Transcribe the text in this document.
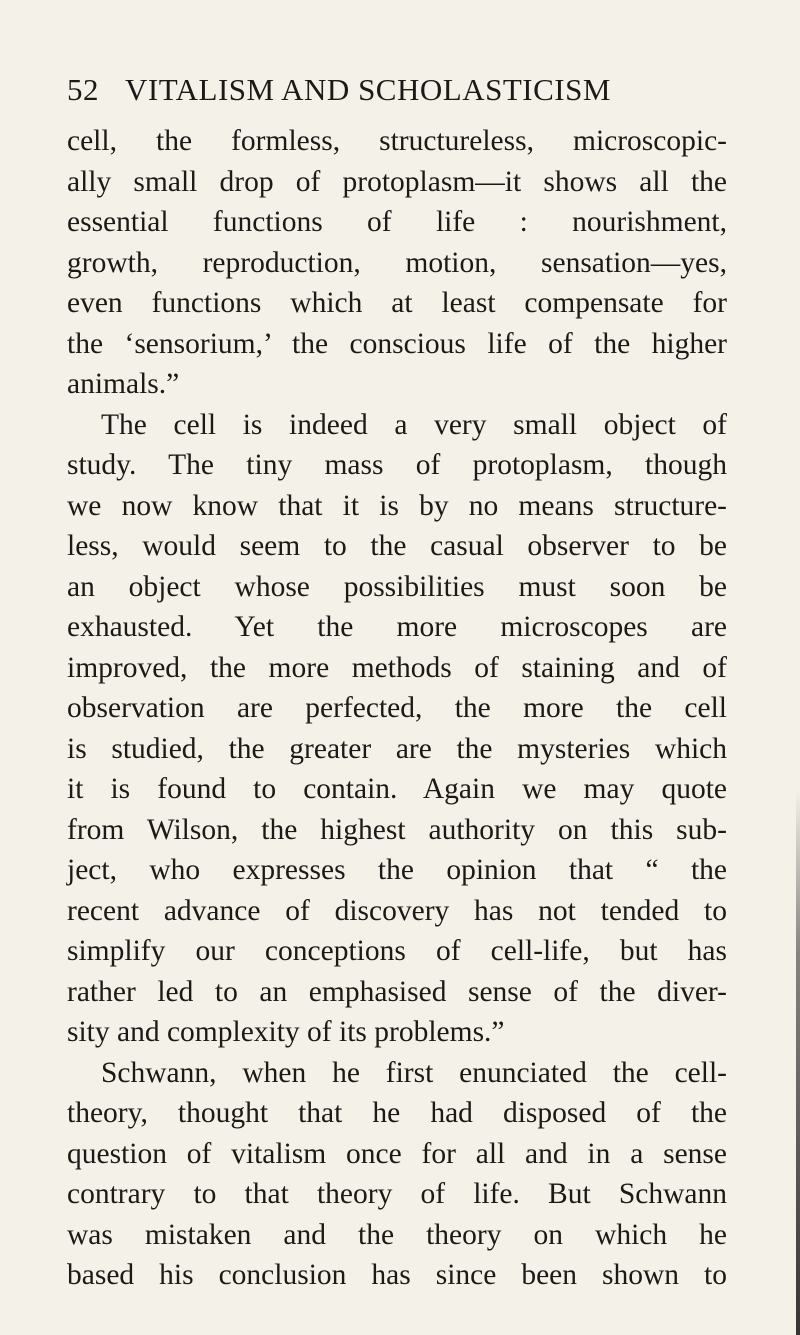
52 VITALISM AND SCHOLASTICISM
cell, the formless, structureless, microscopic-
ally small drop of protoplasm—it shows all the
essential functions of life : nourishment,
growth, reproduction, motion, sensation—yes,
even functions which at least compensate for
the ‘sensorium,’ the conscious life of the higher
animals.”
The cell is indeed a very small object of
study. The tiny mass of protoplasm, though
we now know that it is by no means structure-
less, would seem to the casual observer to be
an object whose possibilities must soon be
exhausted. Yet the more microscopes are
improved, the more methods of staining and of
observation are perfected, the more the cell
is studied, the greater are the mysteries which
it is found to contain. Again we may quote
from Wilson, the highest authority on this sub-
ject, who expresses the opinion that “ the
recent advance of discovery has not tended to
simplify our conceptions of cell-life, but has
rather led to an emphasised sense of the diver-
sity and complexity of its problems.”
Schwann, when he first enunciated the cell-
theory, thought that he had disposed of the
question of vitalism once for all and in a sense
contrary to that theory of life. But Schwann
was mistaken and the theory on which he
based his conclusion has since been shown to
